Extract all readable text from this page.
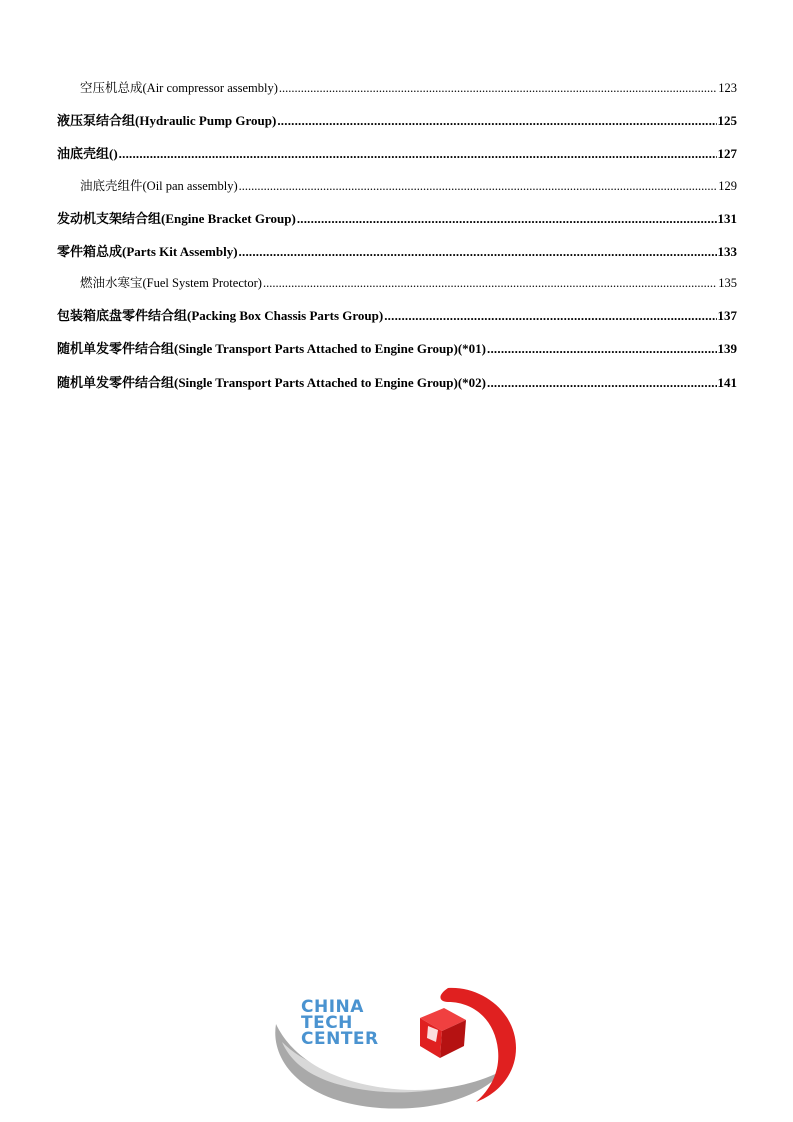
空压机总成(Air compressor assembly) .....	123
液压泵结合组(Hydraulic Pump Group) .....	125
油底壳组() .....	127
油底壳组件(Oil pan assembly) .....	129
发动机支架结合组(Engine Bracket Group) .....	131
零件箱总成(Parts Kit Assembly) .....	133
燃油水寒宝(Fuel System Protector) .....	135
包装箱底盘零件结合组(Packing Box Chassis Parts Group) .....	137
随机单发零件结合组(Single Transport Parts Attached to Engine Group)(*01) .....	139
随机单发零件结合组(Single Transport Parts Attached to Engine Group)(*02) .....	141
CHINA
TECH
CENTER
